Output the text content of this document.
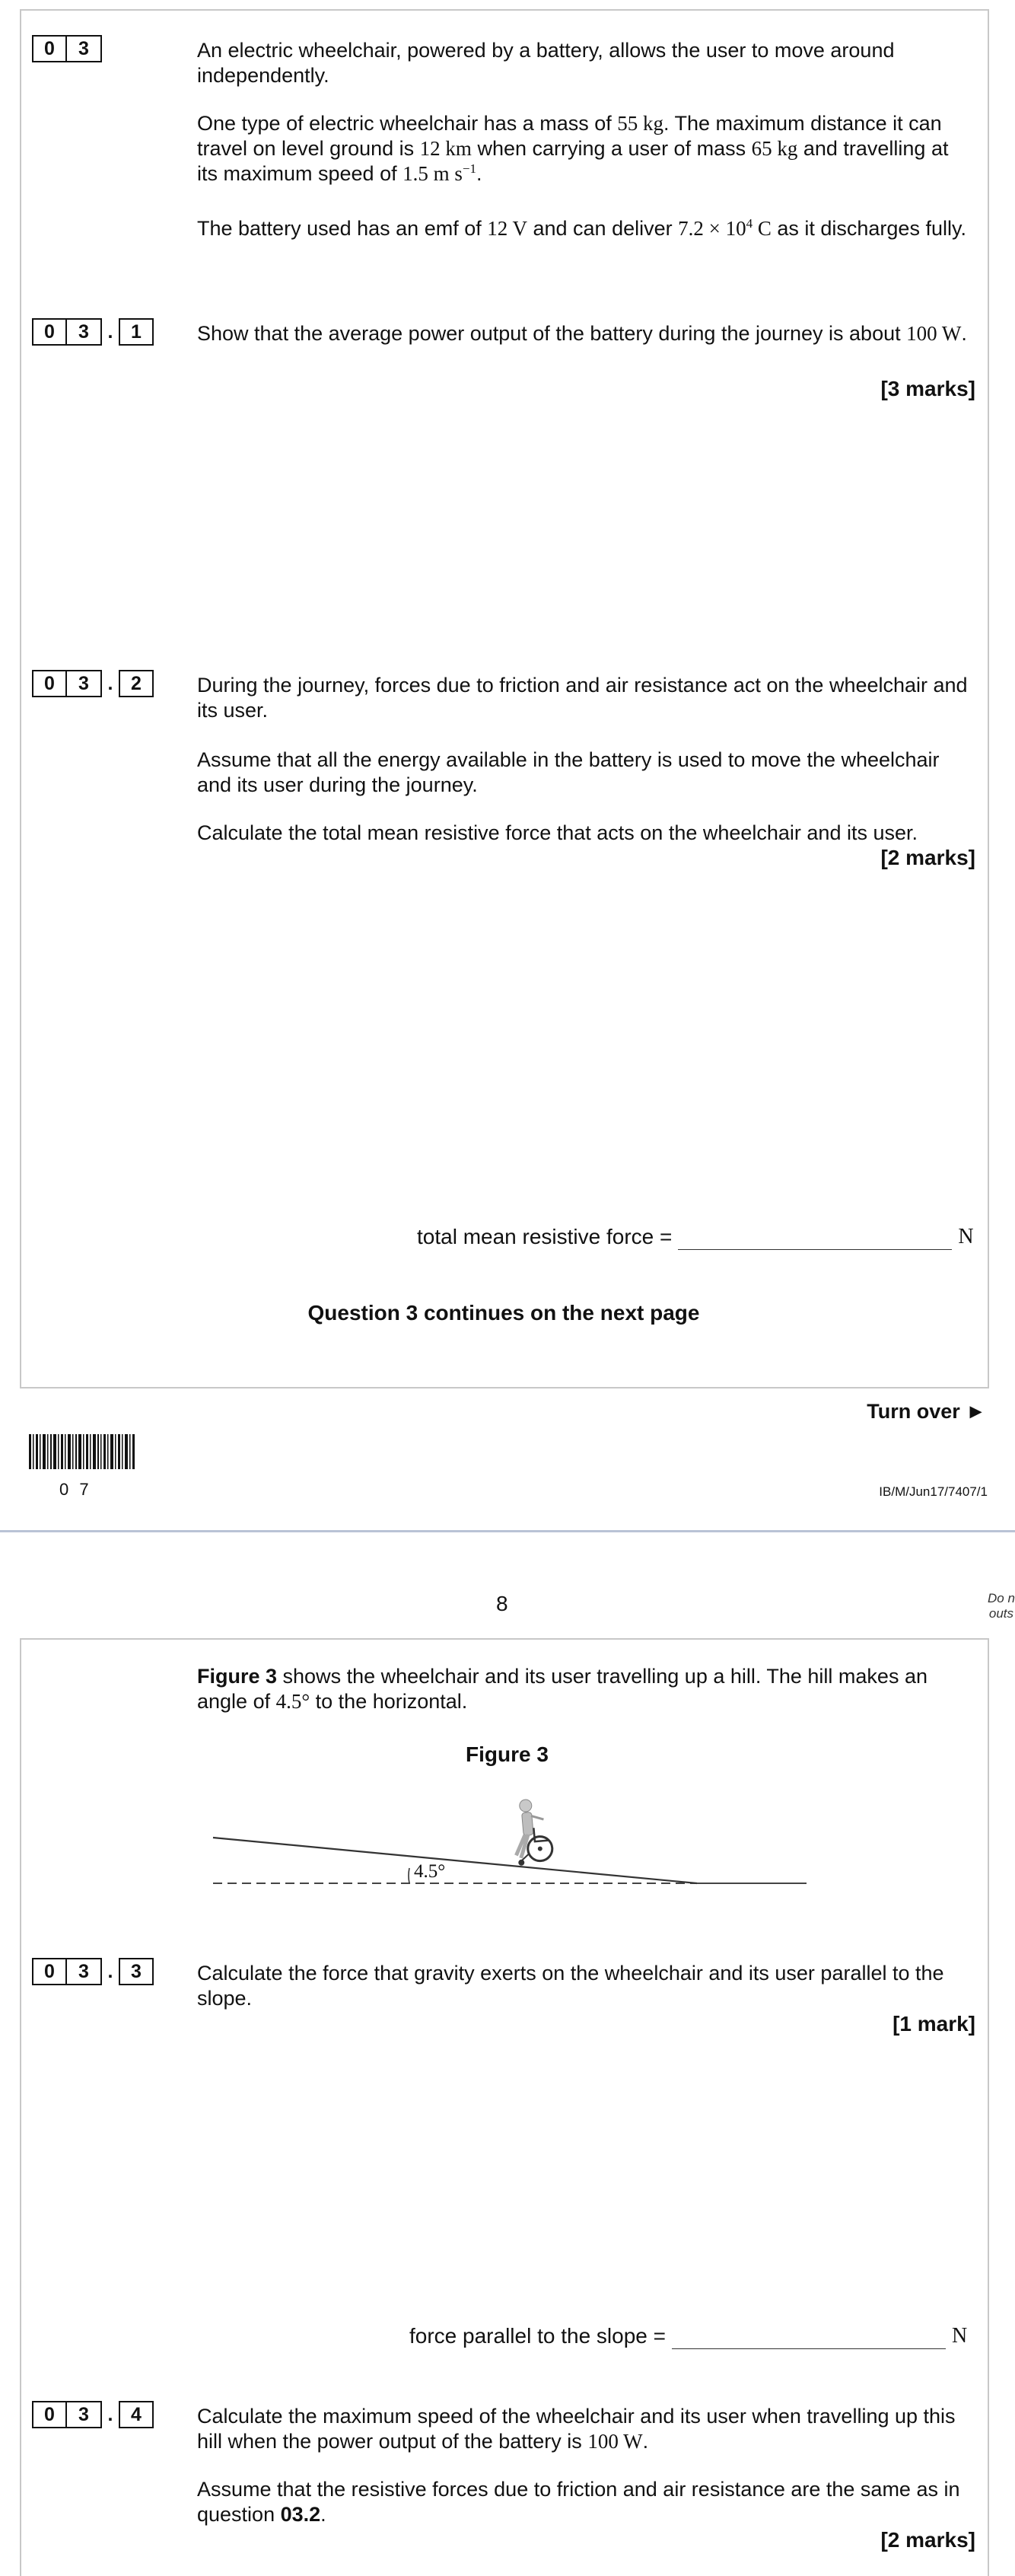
0	3	An electric wheelchair, powered by a battery, allows the user to move around independently.

One type of electric wheelchair has a mass of 55 kg. The maximum distance it can travel on level ground is 12 km when carrying a user of mass 65 kg and travelling at its maximum speed of 1.5 m $s^{-1}$.

The battery used has an emf of 12 V and can deliver $7.2 \times 10^4$ C as it discharges fully.

0	3 . 1	Show that the average power output of the battery during the journey is about 100 W.

[3 marks]
0	3 . 2	During the journey, forces due to friction and air resistance act on the wheelchair and its user.

Assume that all the energy available in the battery is used to move the wheelchair and its user during the journey.

Calculate the total mean resistive force that acts on the wheelchair and its user.

[2 marks]
total mean resistive force =	N
Question 3 continues on the next page
Turn over ►
0 7	IB/M/Jun17/7407/1
8	Do n
outs

Figure 3 shows the wheelchair and its user travelling up a hill. The hill makes an angle of 4.5° to the horizontal.

Figure 3
4.5°
0	3 . 3	Calculate the force that gravity exerts on the wheelchair and its user parallel to the slope.

[1 mark]
force parallel to the slope =	N
0	3 . 4	Calculate the maximum speed of the wheelchair and its user when travelling up this hill when the power output of the battery is 100 W.

Assume that the resistive forces due to friction and air resistance are the same as in question 03.2.

[2 marks]
